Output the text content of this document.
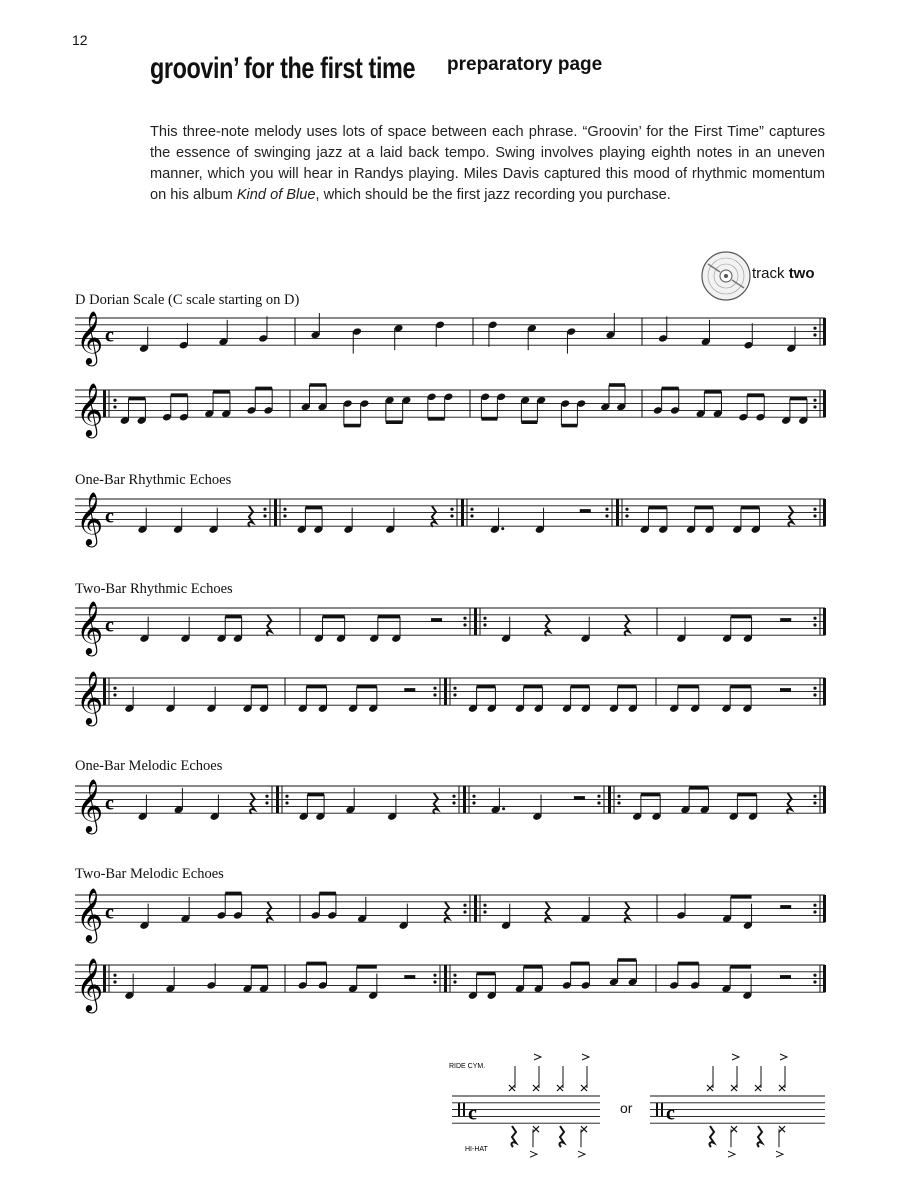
12
groovin’ for the first time preparatory page
This three-note melody uses lots of space between each phrase. “Groovin’ for the First Time” captures the essence of swinging jazz at a laid back tempo. Swing involves playing eighth notes in an uneven manner, which you will hear in Randys playing. Miles Davis captured this mood of rhythmic momentum on his album Kind of Blue, which should be the first jazz recording you purchase.
track two
D Dorian Scale (C scale starting on D)
One-Bar Rhythmic Echoes
Two-Bar Rhythmic Echoes
One-Bar Melodic Echoes
Two-Bar Melodic Echoes
𝄞 c
𝄞
𝄞 c
𝄞 c
𝄞
𝄞 c
𝄞 c
𝄞
c
RIDE CYM.
HI-HAT
c
or
